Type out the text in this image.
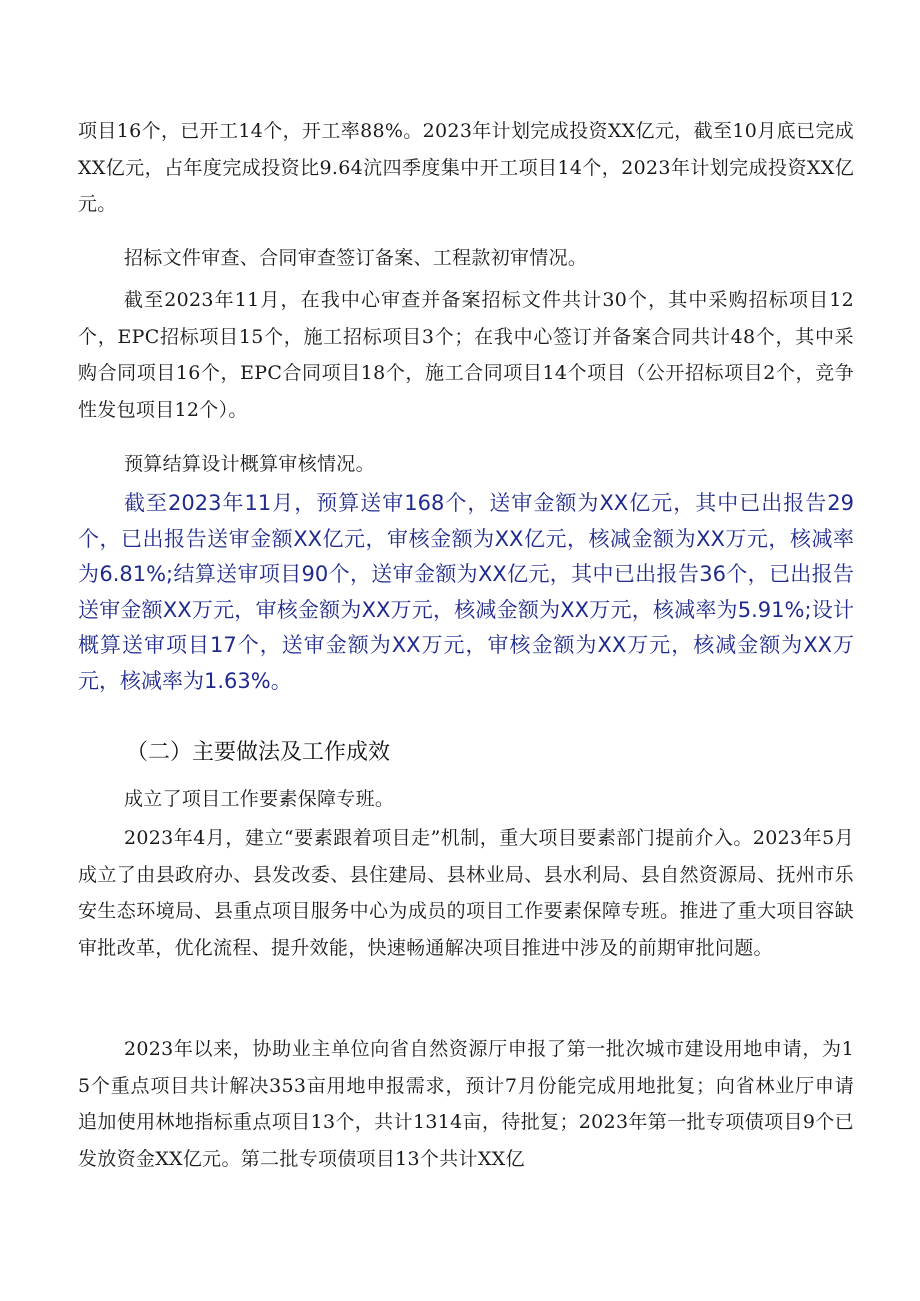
项目16个，已开工14个，开工率88%。2023年计划完成投资XX亿元，截至10月底已完成XX亿元，占年度完成投资比9.64沆四季度集中开工项目14个，2023年计划完成投资XX亿元。

招标文件审查、合同审查签订备案、工程款初审情况。

截至2023年11月，在我中心审查并备案招标文件共计30个，其中采购招标项目12个，EPC招标项目15个，施工招标项目3个；在我中心签订并备案合同共计48个，其中采购合同项目16个，EPC合同项目18个，施工合同项目14个项目（公开招标项目2个，竞争性发包项目12个）。

预算结算设计概算审核情况。

截至2023年11月，预算送审168个，送审金额为XX亿元，其中已出报告29个，已出报告送审金额XX亿元，审核金额为XX亿元，核减金额为XX万元，核减率为6.81%;结算送审项目90个，送审金额为XX亿元，其中已出报告36个，已出报告送审金额XX万元，审核金额为XX万元，核减金额为XX万元，核减率为5.91%;设计概算送审项目17个，送审金额为XX万元，审核金额为XX万元，核减金额为XX万元，核减率为1.63%。

（二）主要做法及工作成效

成立了项目工作要素保障专班。

2023年4月，建立“要素跟着项目走”机制，重大项目要素部门提前介入。2023年5月成立了由县政府办、县发改委、县住建局、县林业局、县水利局、县自然资源局、抚州市乐安生态环境局、县重点项目服务中心为成员的项目工作要素保障专班。推进了重大项目容缺审批改革，优化流程、提升效能，快速畅通解决项目推进中涉及的前期审批问题。

2023年以来，协助业主单位向省自然资源厅申报了第一批次城市建设用地申请，为15个重点项目共计解决353亩用地申报需求，预计7月份能完成用地批复；向省林业厅申请追加使用林地指标重点项目13个，共计1314亩，待批复；2023年第一批专项债项目9个已发放资金XX亿元。第二批专项债项目13个共计XX亿
